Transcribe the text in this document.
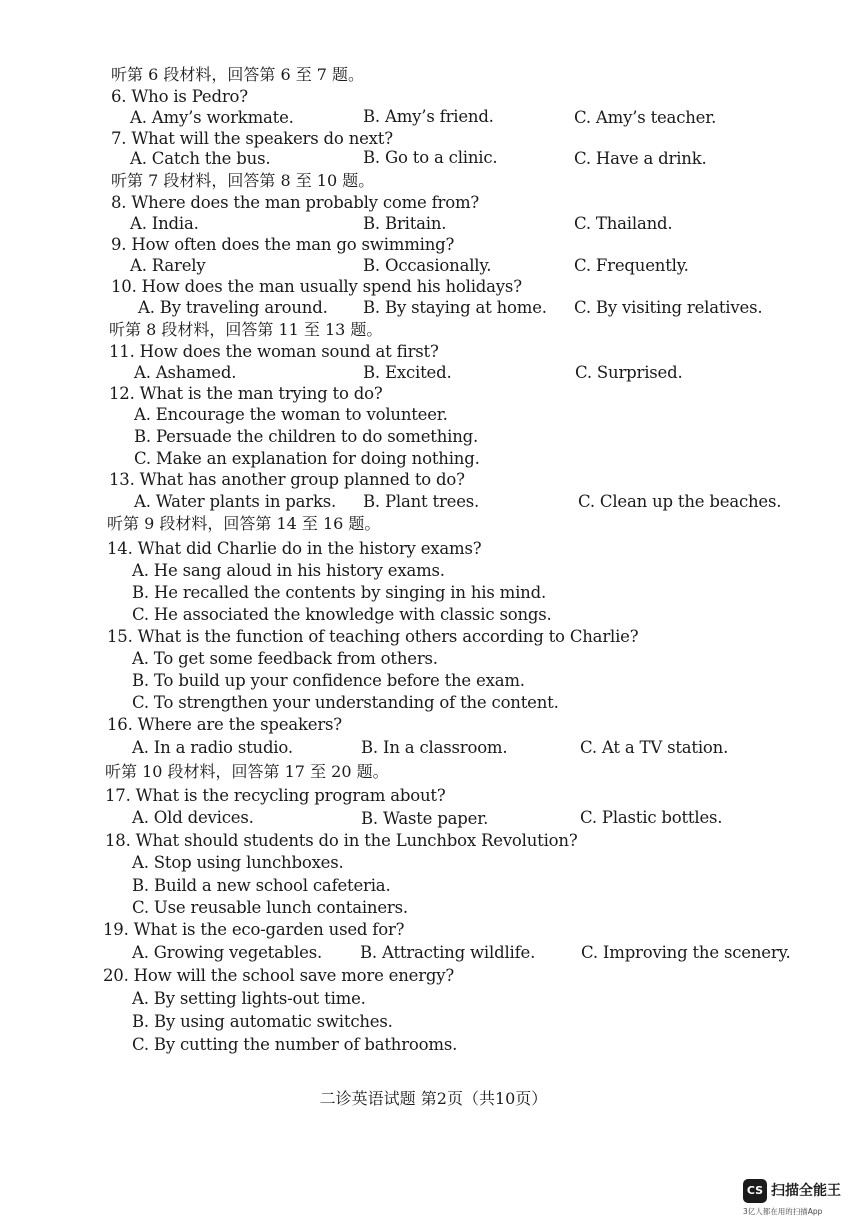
听第 6 段材料，回答第 6 至 7 题。
6. Who is Pedro?
A. Amy’s workmate.	B. Amy’s friend.	C. Amy’s teacher.
7. What will the speakers do next?
A. Catch the bus.	B. Go to a clinic.	C. Have a drink.
听第 7 段材料，回答第 8 至 10 题。
8. Where does the man probably come from?
A. India.	B. Britain.	C. Thailand.
9. How often does the man go swimming?
A. Rarely	B. Occasionally.	C. Frequently.
10. How does the man usually spend his holidays?
A. By traveling around. B. By staying at home. C. By visiting relatives.
听第 8 段材料，回答第 11 至 13 题。
11. How does the woman sound at first?
A. Ashamed.	B. Excited.	C. Surprised.
12. What is the man trying to do?
A. Encourage the woman to volunteer.
B. Persuade the children to do something.
C. Make an explanation for doing nothing.
13. What has another group planned to do?
A. Water plants in parks. B. Plant trees.	C. Clean up the beaches.
听第 9 段材料，回答第 14 至 16 题。
14. What did Charlie do in the history exams?
A. He sang aloud in his history exams.
B. He recalled the contents by singing in his mind.
C. He associated the knowledge with classic songs.
15. What is the function of teaching others according to Charlie?
A. To get some feedback from others.
B. To build up your confidence before the exam.
C. To strengthen your understanding of the content.
16. Where are the speakers?
A. In a radio studio.	B. In a classroom.	C. At a TV station.
听第 10 段材料，回答第 17 至 20 题。
17. What is the recycling program about?
A. Old devices.	B. Waste paper.	C. Plastic bottles.
18. What should students do in the Lunchbox Revolution?
A. Stop using lunchboxes.
B. Build a new school cafeteria.
C. Use reusable lunch containers.
19. What is the eco-garden used for?
A. Growing vegetables. B. Attracting wildlife.	C. Improving the scenery.
20. How will the school save more energy?
A. By setting lights-out time.
B. By using automatic switches.
C. By cutting the number of bathrooms.
二诊英语试题 第2页（共10页）
CS 扫描全能王
3亿人都在用的扫描App
